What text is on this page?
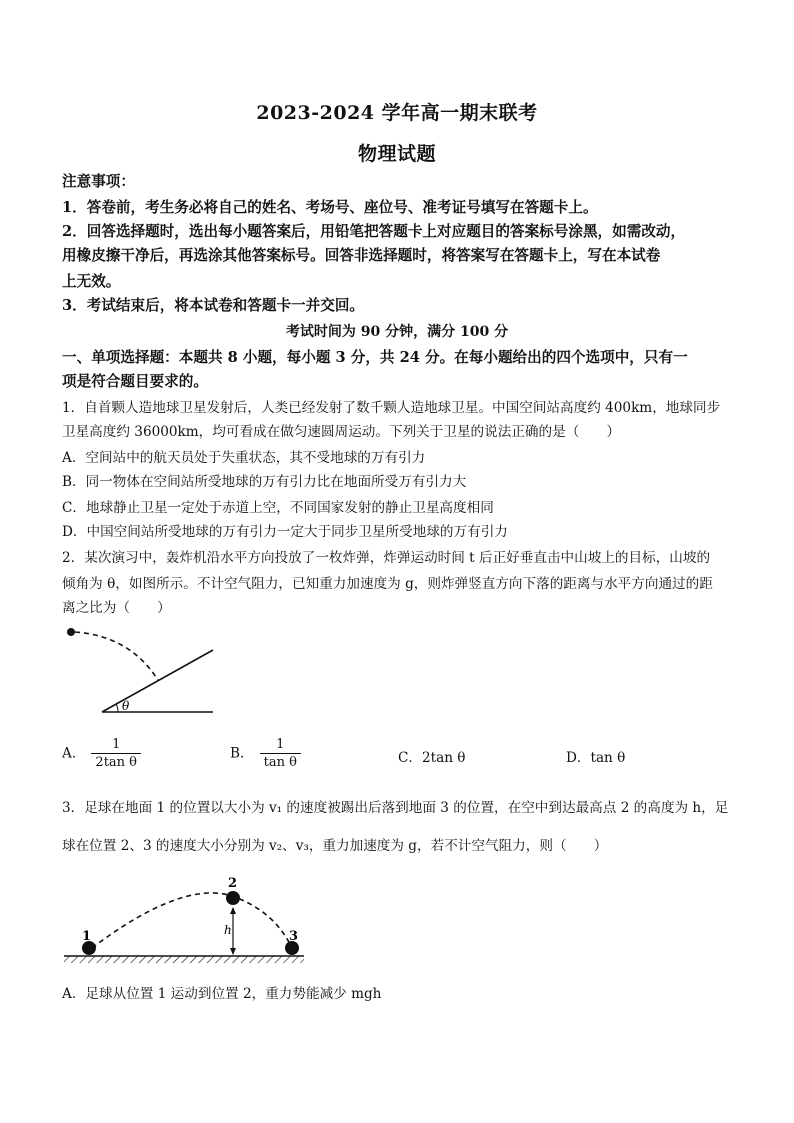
2023-2024 学年高一期末联考
物理试题
注意事项：
1．答卷前，考生务必将自己的姓名、考场号、座位号、准考证号填写在答题卡上。
2．回答选择题时，选出每小题答案后，用铅笔把答题卡上对应题目的答案标号涂黑，如需改动，
用橡皮擦干净后，再选涂其他答案标号。回答非选择题时，将答案写在答题卡上，写在本试卷
上无效。
3．考试结束后，将本试卷和答题卡一并交回。
考试时间为 90 分钟，满分 100 分
一、单项选择题：本题共 8 小题，每小题 3 分，共 24 分。在每小题给出的四个选项中，只有一
项是符合题目要求的。
1．自首颗人造地球卫星发射后，人类已经发射了数千颗人造地球卫星。中国空间站高度约 400km，地球同步
卫星高度约 36000km，均可看成在做匀速圆周运动。下列关于卫星的说法正确的是（　　）
A．空间站中的航天员处于失重状态，其不受地球的万有引力
B．同一物体在空间站所受地球的万有引力比在地面所受万有引力大
C．地球静止卫星一定处于赤道上空，不同国家发射的静止卫星高度相同
D．中国空间站所受地球的万有引力一定大于同步卫星所受地球的万有引力
2．某次演习中，轰炸机沿水平方向投放了一枚炸弹，炸弹运动时间 t 后正好垂直击中山坡上的目标，山坡的
倾角为 θ，如图所示。不计空气阻力，已知重力加速度为 g，则炸弹竖直方向下落的距离与水平方向通过的距
离之比为（　　）
θ
A． $\frac{1}{\text{2tan θ}}$	B． $\frac{1}{\text{tan θ}}$	C．2tan θ	D．tan θ
3．足球在地面 1 的位置以大小为 v₁ 的速度被踢出后落到地面 3 的位置，在空中到达最高点 2 的高度为 h，足
球在位置 2、3 的速度大小分别为 v₂、v₃，重力加速度为 g，若不计空气阻力，则（　　）
1
2
3
h
A．足球从位置 1 运动到位置 2，重力势能减少 mgh
